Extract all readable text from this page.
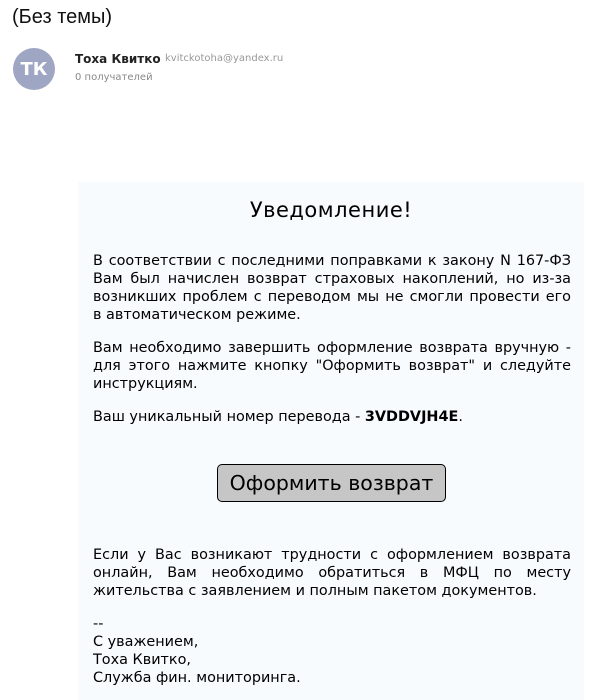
(Без темы)
ТК	Тоха Квитко kvitckotoha@yandex.ru
0 получателей
Уведомление!
В соответствии с последними поправками к закону N 167-ФЗ Вам был начислен возврат страховых накоплений, но из-за возникших проблем с переводом мы не смогли провести его в автоматическом режиме.
Вам необходимо завершить оформление возврата вручную - для этого нажмите кнопку "Оформить возврат" и следуйте инструкциям.
Ваш уникальный номер перевода - 3VDDVJH4E.
Оформить возврат
Если у Вас возникают трудности с оформлением возврата онлайн, Вам необходимо обратиться в МФЦ по месту жительства с заявлением и полным пакетом документов.
--
С уважением,
Тоха Квитко,
Служба фин. мониторинга.
